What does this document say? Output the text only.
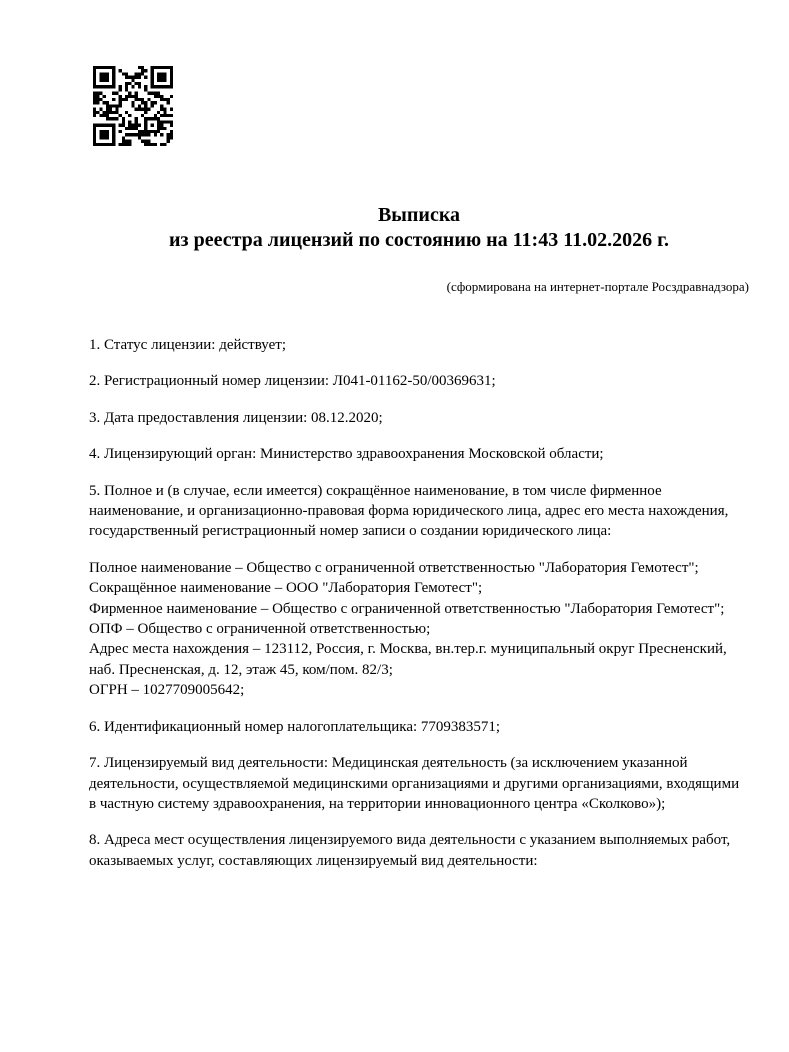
Выписка
из реестра лицензий по состоянию на 11:43 11.02.2026 г.
(сформирована на интернет-портале Росздравнадзора)

1. Статус лицензии: действует;

2. Регистрационный номер лицензии: Л041-01162-50/00369631;

3. Дата предоставления лицензии: 08.12.2020;

4. Лицензирующий орган: Министерство здравоохранения Московской области;

5. Полное и (в случае, если имеется) сокращённое наименование, в том числе фирменное наименование, и организационно-правовая форма юридического лица, адрес его места нахождения, государственный регистрационный номер записи о создании юридического лица:

Полное наименование – Общество с ограниченной ответственностью "Лаборатория Гемотест";
Сокращённое наименование – ООО "Лаборатория Гемотест";
Фирменное наименование – Общество с ограниченной ответственностью "Лаборатория Гемотест";
ОПФ – Общество с ограниченной ответственностью;
Адрес места нахождения – 123112, Россия, г. Москва, вн.тер.г. муниципальный округ Пресненский, наб. Пресненская, д. 12, этаж 45, ком/пом. 82/3;
ОГРН – 1027709005642;

6. Идентификационный номер налогоплательщика: 7709383571;

7. Лицензируемый вид деятельности: Медицинская деятельность (за исключением указанной деятельности, осуществляемой медицинскими организациями и другими организациями, входящими в частную систему здравоохранения, на территории инновационного центра «Сколково»);

8. Адреса мест осуществления лицензируемого вида деятельности с указанием выполняемых работ, оказываемых услуг, составляющих лицензируемый вид деятельности:
